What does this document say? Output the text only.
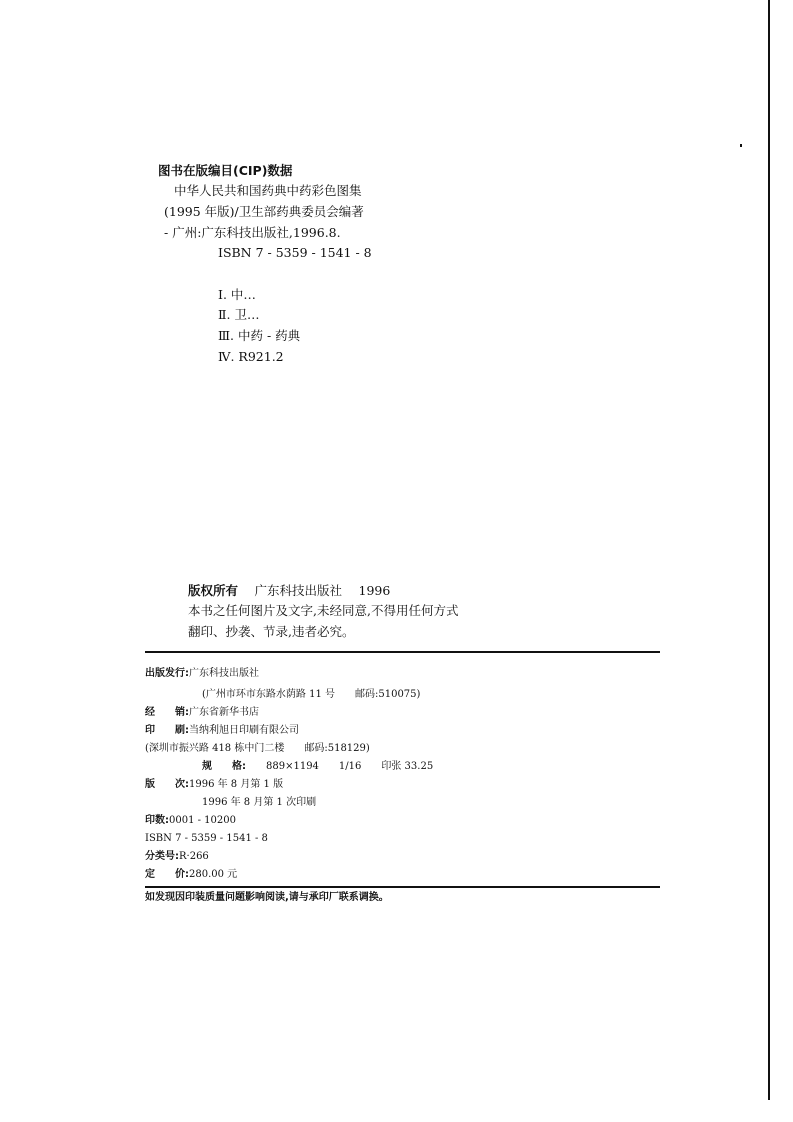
图书在版编目(CIP)数据
中华人民共和国药典中药彩色图集
(1995 年版)/卫生部药典委员会编著
- 广州:广东科技出版社,1996.8.
ISBN 7 - 5359 - 1541 - 8
Ⅰ. 中…
Ⅱ. 卫…
Ⅲ. 中药 - 药典
Ⅳ. R921.2
版权所有　 广东科技出版社　 1996
本书之任何图片及文字,未经同意,不得用任何方式
翻印、抄袭、节录,违者必究。
出版发行:广东科技出版社
(广州市环市东路水荫路 11 号　　邮码:510075)
经　　销:广东省新华书店
印　　刷:当纳利旭日印刷有限公司
(深圳市振兴路 418 栋中门二楼　　邮码:518129)
规　　格:　　889×1194　　1/16　　印张 33.25
版　　次:1996 年 8 月第 1 版
1996 年 8 月第 1 次印刷
印数:0001 - 10200
ISBN 7 - 5359 - 1541 - 8
分类号:R·266
定　　价:280.00 元
如发现因印装质量问题影响阅读,请与承印厂联系调换。
